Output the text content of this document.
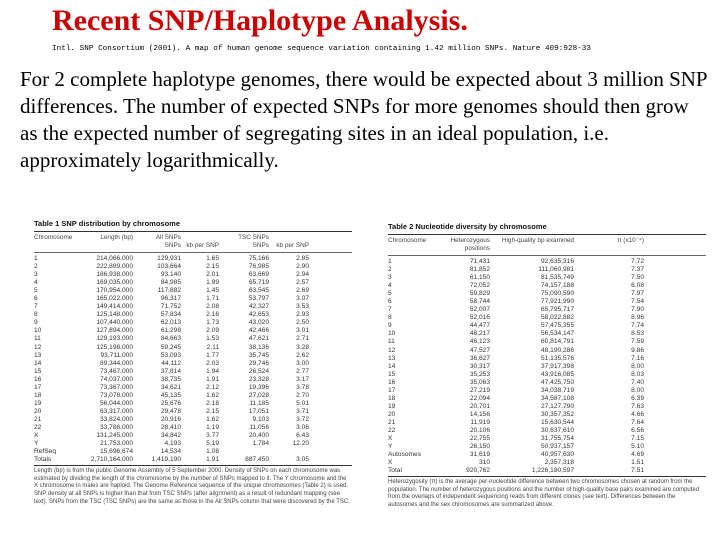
Recent SNP/Haplotype Analysis.
Intl. SNP Consortium (2001). A map of human genome sequence variation containing 1.42 million SNPs. Nature 409:928-33
For 2 complete haplotype genomes, there would be expected about 3 million SNP differences. The number of expected SNPs for more genomes should then grow as the expected number of segregating sites in an ideal population, i.e. approximately logarithmically.
Table 1 SNP distribution by chromosome
Chromosome	Length (bp)	All SNPs	TSC SNPs
SNPs kb per SNP	SNPs	kb per SNP
1	214,066,000	129,931	1.65	75,166	2.85
2	222,889,000	103,664	2.15	76,985	2.90
3	186,938,000	93,140	2.01	63,669	2.94
4	169,035,000	84,985	1.99	65,719	2.57
5	170,954,000	117,882	1.45	63,545	2.69
6	165,022,000	96,317	1.71	53,797	3.07
7	149,414,000	71,752	2.08	42,327	3.53
8	125,148,000	57,834	2.16	42,653	2.93
9	107,440,000	62,013	1.73	43,020	2.50
10	127,894,000	61,298	2.09	42,466	3.01
11	129,193,000	84,663	1.53	47,621	2.71
12	125,198,000	59,245	2.11	38,136	3.28
13	93,711,000	53,093	1.77	35,745	2.62
14	89,344,000	44,112	2.03	29,746	3.00
15	73,467,000	37,814	1.94	26,524	2.77
16	74,037,000	38,735	1.91	23,328	3.17
17	73,367,000	34,621	2.12	19,396	3.78
18	73,078,000	45,135	1.62	27,028	2.70
19	56,044,000	25,676	2.18	11,185	5.01
20	63,317,000	29,478	2.15	17,051	3.71
21	33,824,000	20,916	1.62	9,103	3.72
22	33,786,000	28,410	1.19	11,056	3.06
X	131,245,000	34,842	3.77	20,400	6.43
Y	21,753,000	4,193	5.19	1,784	12.20
RefSeq	15,696,674	14,534	1.08
Totals	2,710,164,000	1,419,190	1.91	887,450	3.05
Length (bp) is from the public Genome Assembly of 5 September 2000. Density of SNPs on each chromosome was estimated by dividing the length of the chromosome by the number of SNPs mapped to it. The Y chromosome and the X chromosome in males are haploid. The Genome Reference sequence of the unique chromosomes (Table 2) is used. SNP density at all SNPs is higher than that from TSC SNPs (after alignment) as a result of redundant mapping (see text). SNPs from the TSC (TSC SNPs) are the same as those in the All SNPs column that were discovered by the TSC.
Table 2 Nucleotide diversity by chromosome
Chromosome	Heterozygous positions
High-quality bp examined	π (x10⁻⁴)
1	71,431	92,635,316	7.72
2	81,852	111,060,981	7.37
3	61,150	81,535,749	7.50
4	72,052	74,157,188	6.08
5	59,829	75,090,590	7.97
6	58,744	77,921,990	7.54
7	52,007	65,795,717	7.90
8	52,016	58,022,882	8.96
9	44,477	57,475,355	7.74
10	48,217	56,534,147	8.53
11	46,123	60,814,791	7.59
12	47,527	48,190,286	9.86
13	36,627	51,135,576	7.16
14	30,317	37,917,398	8.00
15	35,253	43,916,085	8.03
16	35,063	47,425,750	7.40
17	27,219	34,038,719	8.00
18	22,094	34,587,108	6.39
19	20,701	27,127,790	7.63
20	14,156	30,357,352	4.66
21	11,919	15,630,544	7.64
22	20,106	30,637,610	6.56
X	22,755	31,755,754	7.15
Y	26,150	50,937,157	5.10
Autosomes	31,619	40,957,630	4.69
X	310	2,357,318	1.51
Total	920,762	1,226,180,597	7.51
Heterozygosity (π) is the average per-nucleotide difference between two chromosomes chosen at random from the population. The number of heterozygous positions and the number of high-quality base pairs examined are computed from the overlaps of independent sequencing reads from different clones (see text). Differences between the autosomes and the sex chromosomes are summarized above.
